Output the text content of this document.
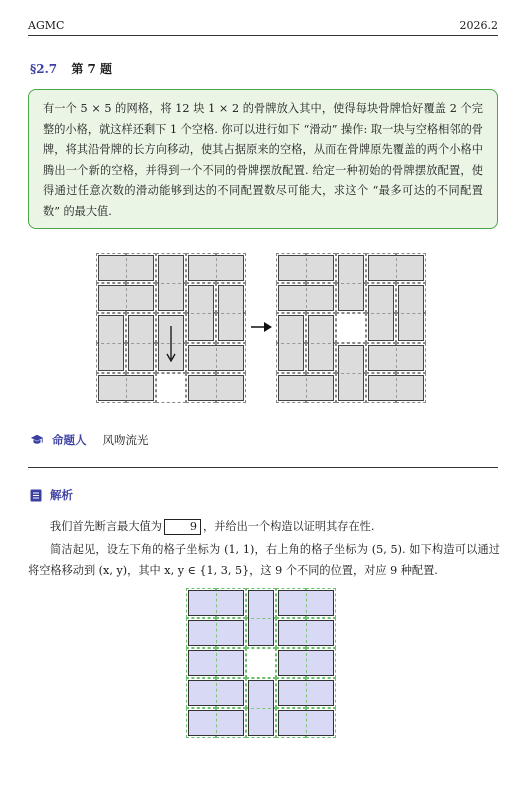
AGMC	2026.2
§2.7 第 7 题
有一个 5 × 5 的网格，将 12 块 1 × 2 的骨牌放入其中，使得每块骨牌恰好覆盖 2 个完整的小格，就这样还剩下 1 个空格. 你可以进行如下 “滑动” 操作: 取一块与空格相邻的骨牌，将其沿骨牌的长方向移动，使其占据原来的空格，从而在骨牌原先覆盖的两个小格中腾出一个新的空格，并得到一个不同的骨牌摆放配置. 给定一种初始的骨牌摆放配置，使得通过任意次数的滑动能够到达的不同配置数尽可能大，求这个 “最多可达的不同配置数” 的最大值.
命题人 风吻流光
解析
我们首先断言最大值为	9 ，并给出一个构造以证明其存在性.
简洁起见，设左下角的格子坐标为 (1, 1)，右上角的格子坐标为 (5, 5). 如下构造可以通过将空格移动到 (x, y)，其中 x, y ∈ {1, 3, 5}，这 9 个不同的位置，对应 9 种配置.
